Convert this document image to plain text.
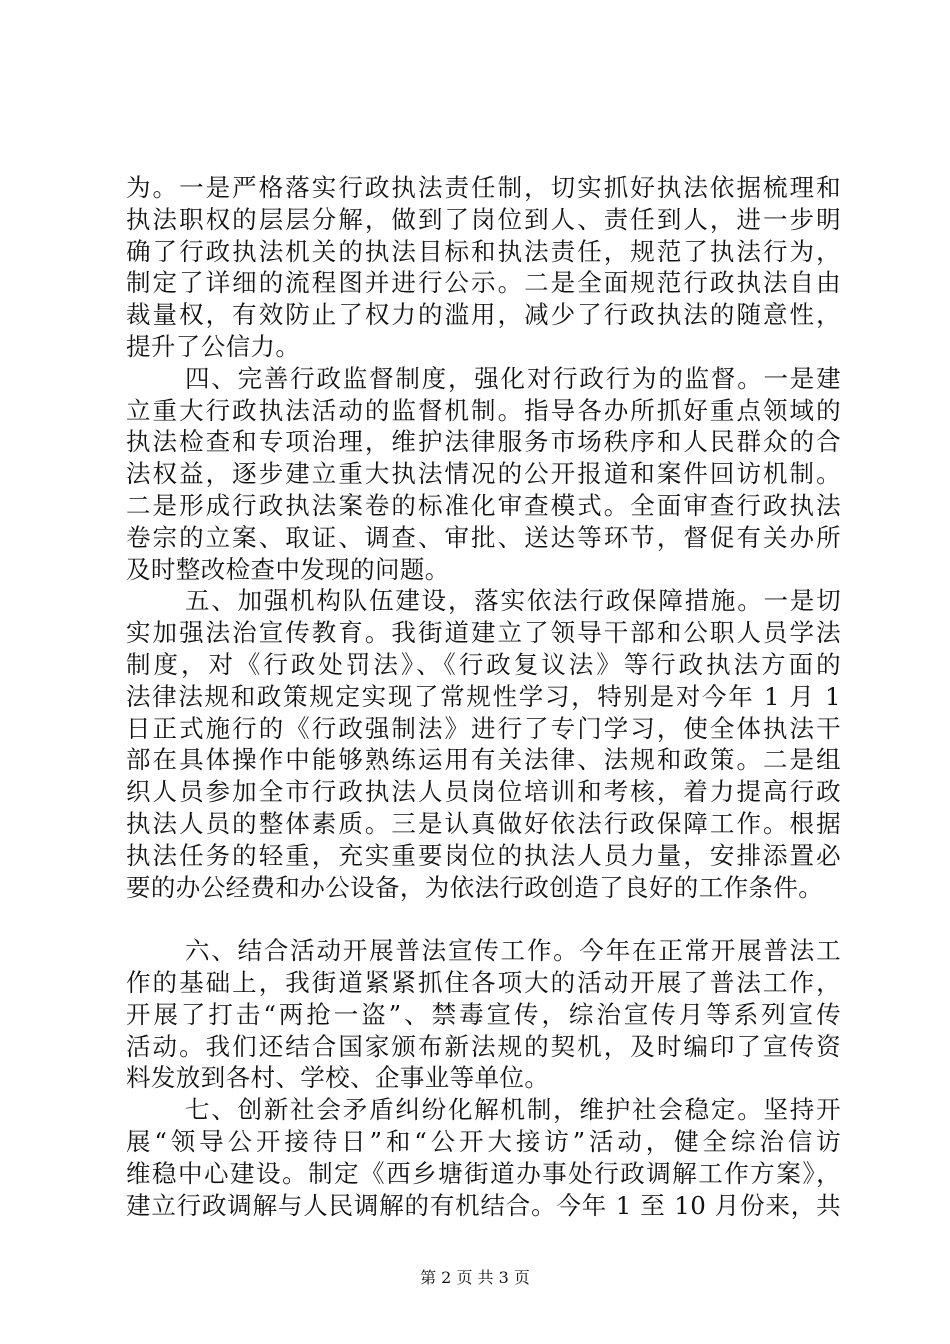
为。一是严格落实行政执法责任制，切实抓好执法依据梳理和
执法职权的层层分解，做到了岗位到人、责任到人，进一步明
确了行政执法机关的执法目标和执法责任，规范了执法行为，
制定了详细的流程图并进行公示。二是全面规范行政执法自由
裁量权，有效防止了权力的滥用，减少了行政执法的随意性，
提升了公信力。
四、完善行政监督制度，强化对行政行为的监督。一是建
立重大行政执法活动的监督机制。指导各办所抓好重点领域的
执法检查和专项治理，维护法律服务市场秩序和人民群众的合
法权益，逐步建立重大执法情况的公开报道和案件回访机制。
二是形成行政执法案卷的标准化审查模式。全面审查行政执法
卷宗的立案、取证、调查、审批、送达等环节，督促有关办所
及时整改检查中发现的问题。
五、加强机构队伍建设，落实依法行政保障措施。一是切
实加强法治宣传教育。我街道建立了领导干部和公职人员学法
制度，对《行政处罚法》、《行政复议法》等行政执法方面的
法律法规和政策规定实现了常规性学习，特别是对今年 1 月 1
日正式施行的《行政强制法》进行了专门学习，使全体执法干
部在具体操作中能够熟练运用有关法律、法规和政策。二是组
织人员参加全市行政执法人员岗位培训和考核，着力提高行政
执法人员的整体素质。三是认真做好依法行政保障工作。根据
执法任务的轻重，充实重要岗位的执法人员力量，安排添置必
要的办公经费和办公设备，为依法行政创造了良好的工作条件。
六、结合活动开展普法宣传工作。今年在正常开展普法工
作的基础上，我街道紧紧抓住各项大的活动开展了普法工作，
开展了打击“两抢一盗”、禁毒宣传，综治宣传月等系列宣传
活动。我们还结合国家颁布新法规的契机，及时编印了宣传资
料发放到各村、学校、企事业等单位。
七、创新社会矛盾纠纷化解机制，维护社会稳定。坚持开
展“领导公开接待日”和“公开大接访”活动，健全综治信访
维稳中心建设。制定《西乡塘街道办事处行政调解工作方案》，
建立行政调解与人民调解的有机结合。今年 1 至 10 月份来，共
第 2 页 共 3 页
